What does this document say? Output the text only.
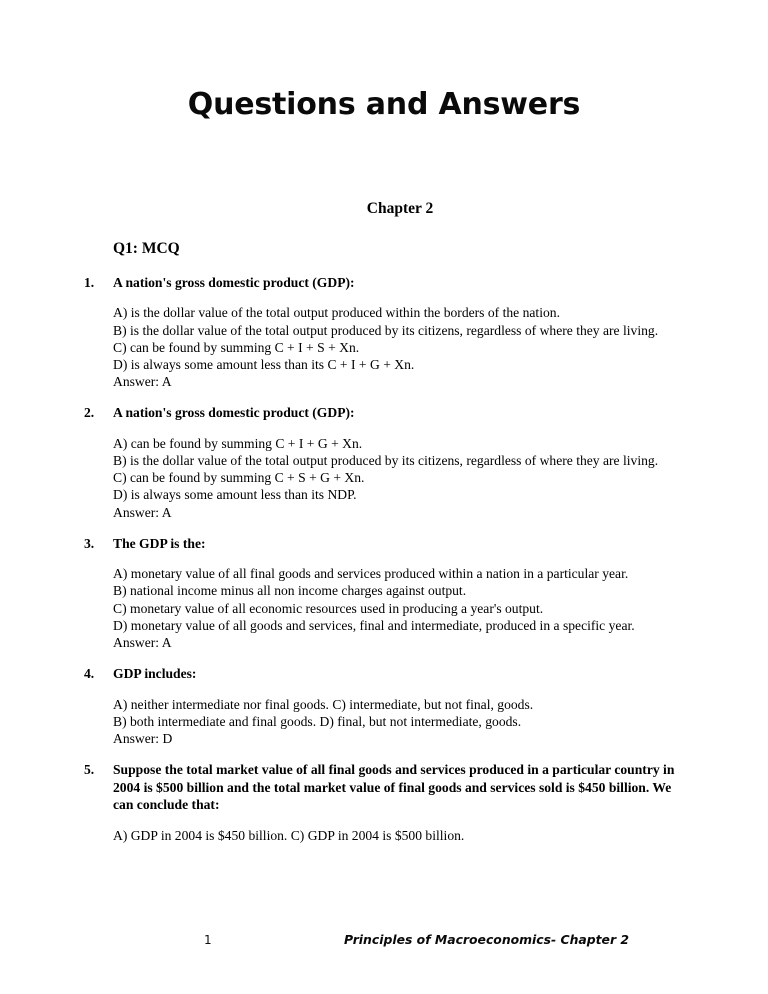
Questions and Answers
Chapter 2
Q1: MCQ
1.	A nation's gross domestic product (GDP):

A) is the dollar value of the total output produced within the borders of the nation.

B) is the dollar value of the total output produced by its citizens, regardless of where they are living.

C) can be found by summing C + I + S + Xn.

D) is always some amount less than its C + I + G + Xn.

Answer: A

2.	A nation's gross domestic product (GDP):

A) can be found by summing C + I + G + Xn.

B) is the dollar value of the total output produced by its citizens, regardless of where they are living.

C) can be found by summing C + S + G + Xn.

D) is always some amount less than its NDP.

Answer: A

3.	The GDP is the:

A) monetary value of all final goods and services produced within a nation in a particular year.

B) national income minus all non income charges against output.

C) monetary value of all economic resources used in producing a year's output.

D) monetary value of all goods and services, final and intermediate, produced in a specific year.

Answer: A

4.	GDP includes:

A) neither intermediate nor final goods. C) intermediate, but not final, goods.

B) both intermediate and final goods. D) final, but not intermediate, goods.

Answer: D

5.	Suppose the total market value of all final goods and services produced in a particular country in 2004 is $500 billion and the total market value of final goods and services sold is $450 billion. We can conclude that:

A) GDP in 2004 is $450 billion. C) GDP in 2004 is $500 billion.

1	Principles of Macroeconomics- Chapter 2
